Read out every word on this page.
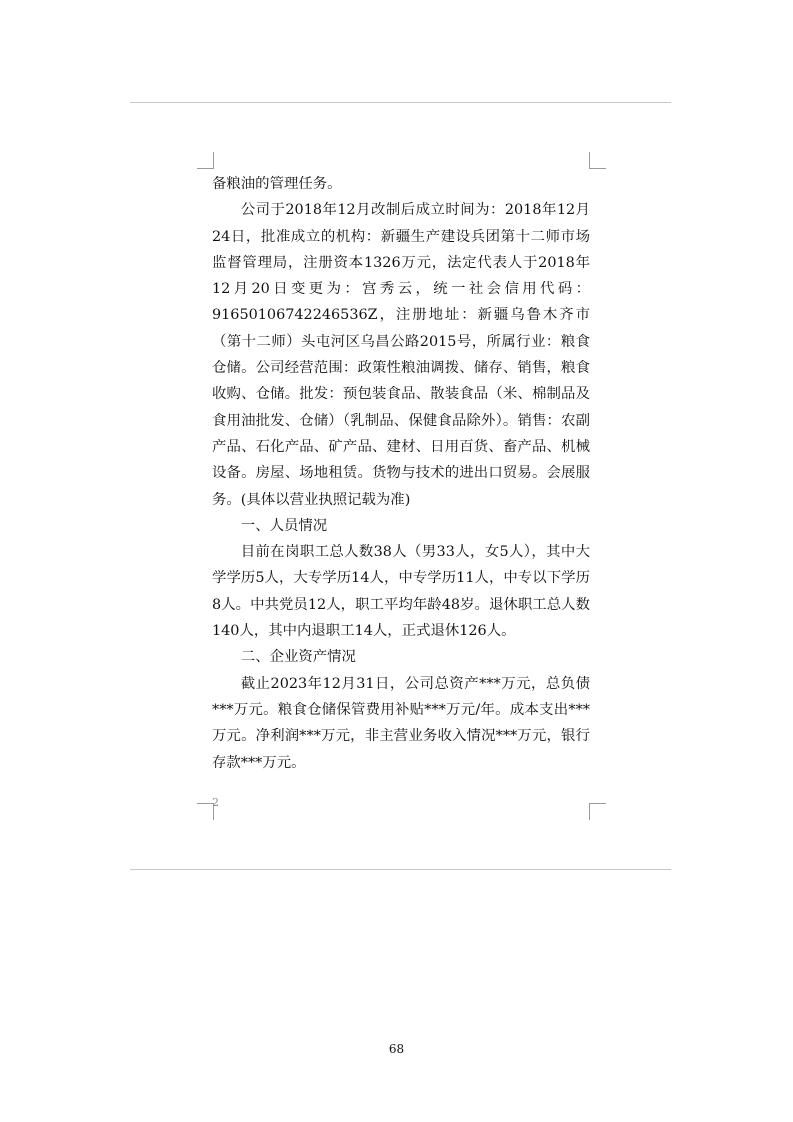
备粮油的管理任务。

公司于2018年12月改制后成立时间为：2018年12月24日，批准成立的机构：新疆生产建设兵团第十二师市场监督管理局，注册资本1326万元，法定代表人于2018年12月20日变更为：宫秀云，统一社会信用代码：91650106742246536Z，注册地址：新疆乌鲁木齐市（第十二师）头屯河区乌昌公路2015号，所属行业：粮食仓储。公司经营范围：政策性粮油调拨、储存、销售，粮食收购、仓储。批发：预包装食品、散装食品（米、棉制品及食用油批发、仓储）（乳制品、保健食品除外）。销售：农副产品、石化产品、矿产品、建材、日用百货、畜产品、机械设备。房屋、场地租赁。货物与技术的进出口贸易。会展服务。(具体以营业执照记载为准)

一、人员情况

目前在岗职工总人数38人（男33人，女5人），其中大学学历5人，大专学历14人，中专学历11人，中专以下学历8人。中共党员12人，职工平均年龄48岁。退休职工总人数140人，其中内退职工14人，正式退休126人。

二、企业资产情况

截止2023年12月31日，公司总资产***万元，总负债***万元。粮食仓储保管费用补贴***万元/年。成本支出***万元。净利润***万元，非主营业务收入情况***万元，银行存款***万元。

2
68
